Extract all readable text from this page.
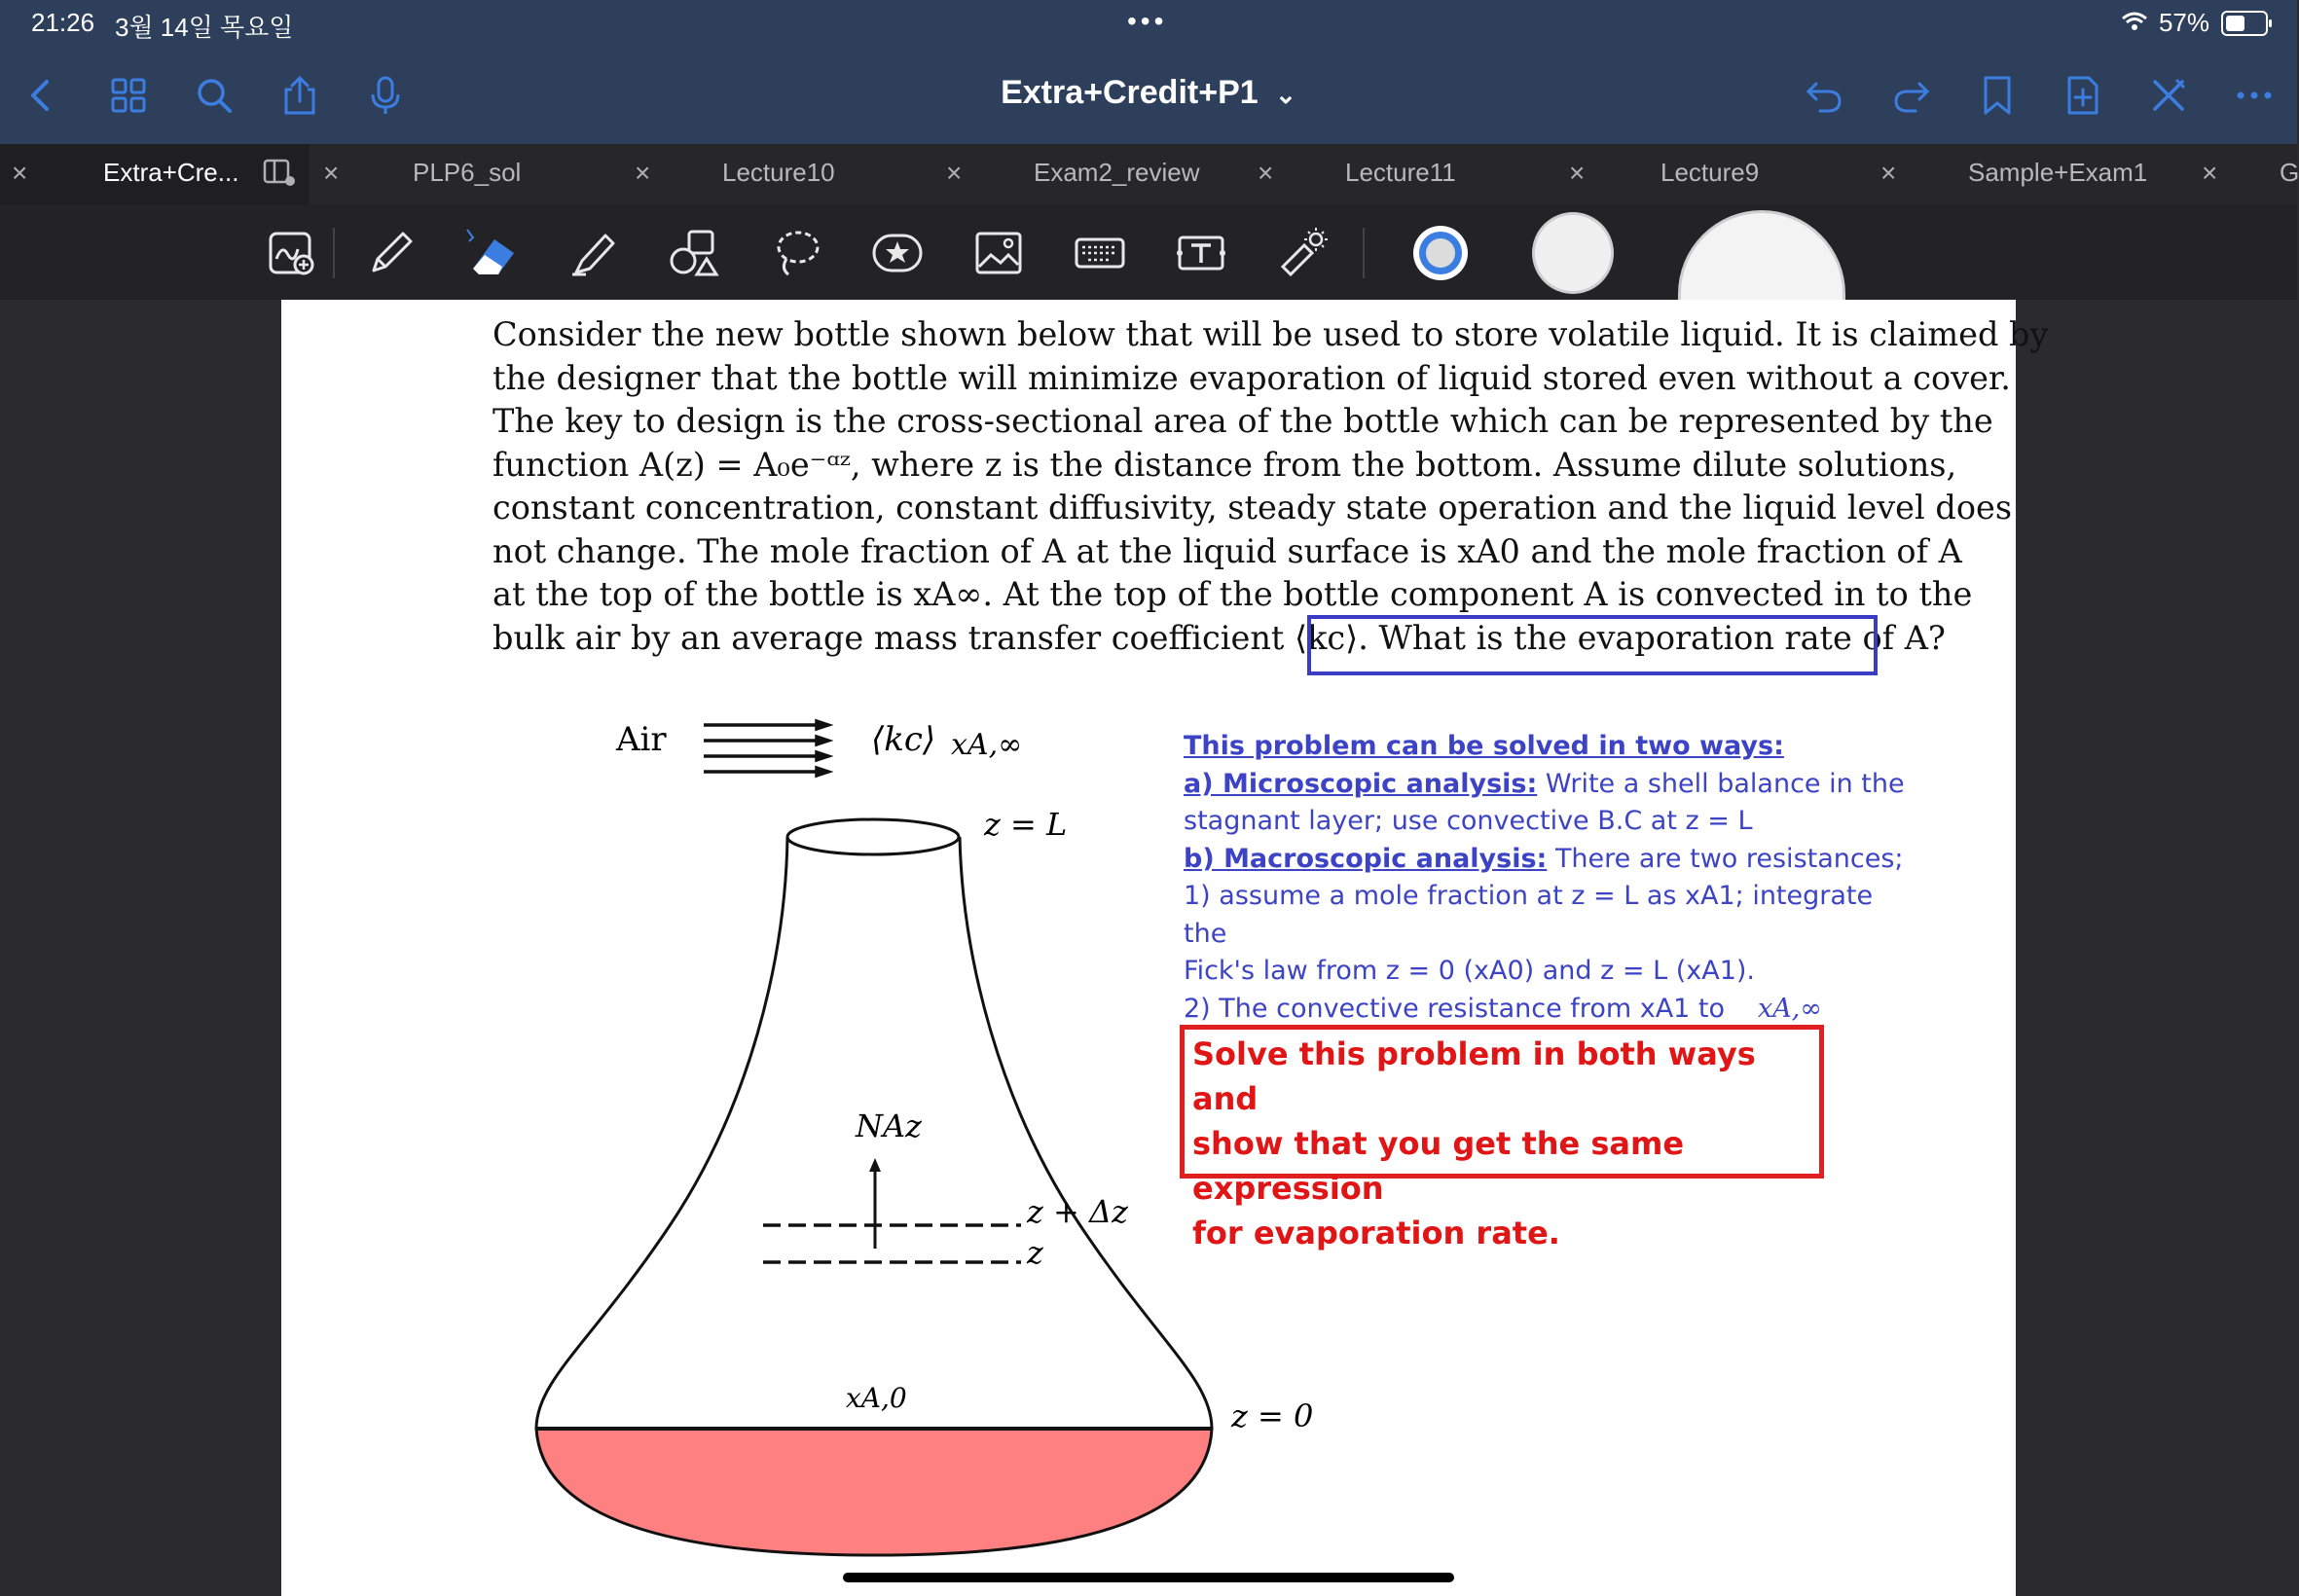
21:26 3월 14일 목요일	•••	57%
Extra+Credit+P1 ⌄
×	Extra+Cre...	×	PLP6_sol	×	Lecture10	×	Exam2_review ×	Lecture11	×	Lecture9	×	Sample+Exam1 × G

Consider the new bottle shown below that will be used to store volatile liquid. It is claimed by

the designer that the bottle will minimize evaporation of liquid stored even without a cover.

The key to design is the cross-sectional area of the bottle which can be represented by the

function A(z) = A₀e⁻ᵅᶻ, where z is the distance from the bottom. Assume dilute solutions,

constant concentration, constant diffusivity, steady state operation and the liquid level does

not change. The mole fraction of A at the liquid surface is xA0 and the mole fraction of A

at the top of the bottle is xA∞. At the top of the bottle component A is convected in to the

bulk air by an average mass transfer coefficient ⟨kc⟩. What is the evaporation rate of A?

Air	⟨kc⟩ xA,∞
z = L
NAz
z + Δz
z
xA,0	z = 0
This problem can be solved in two ways:
a) Microscopic analysis: Write a shell balance in the
stagnant layer; use convective B.C at z = L
b) Macroscopic analysis: There are two resistances;
1) assume a mole fraction at z = L as xA1; integrate the
Fick's law from z = 0 (xA0) and z = L (xA1).
2) The convective resistance from xA1 to xA,∞
Solve this problem in both ways and
show that you get the same expression
for evaporation rate.
